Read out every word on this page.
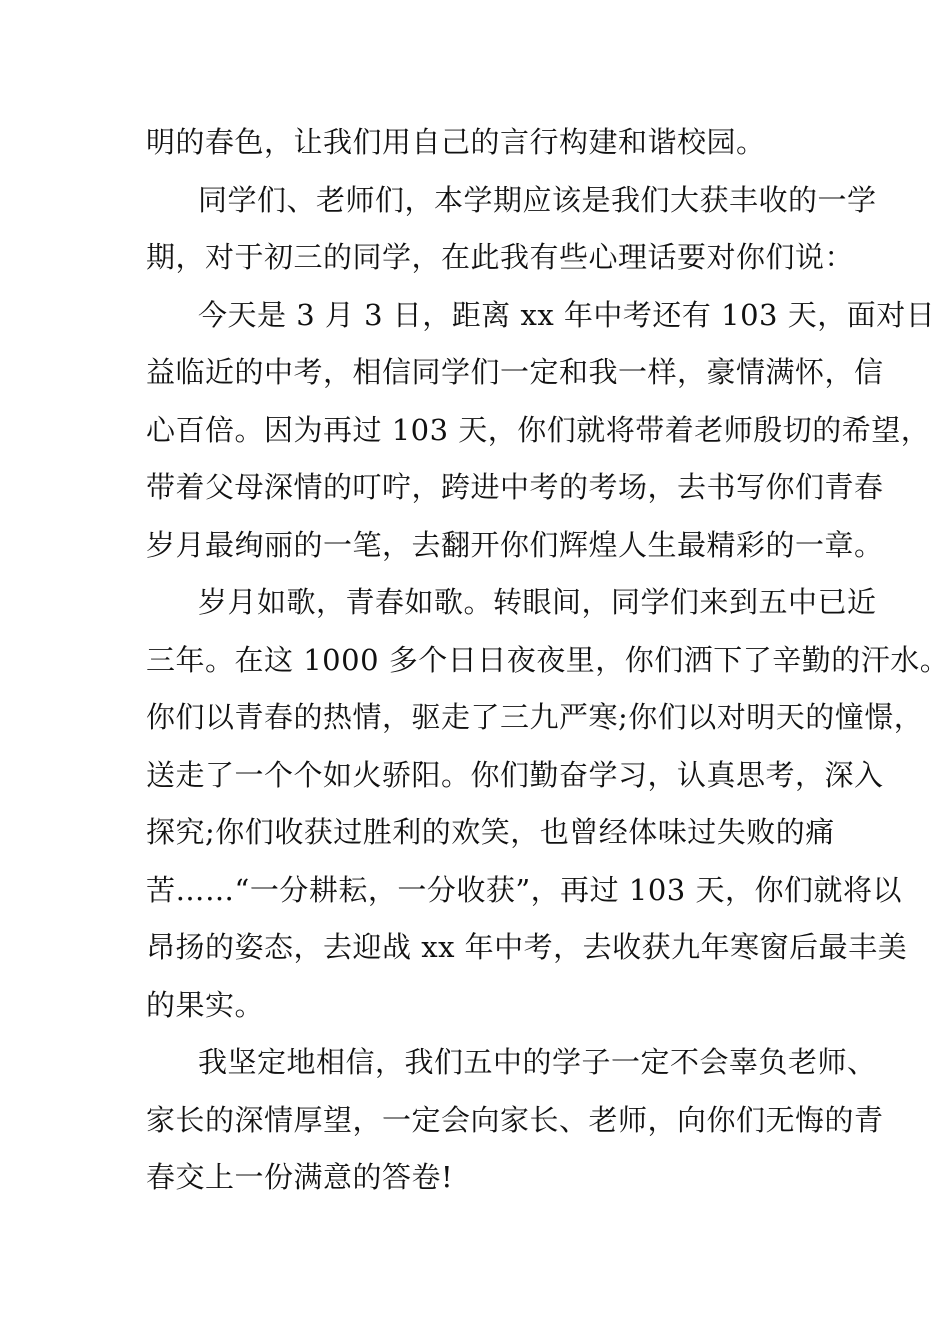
明的春色，让我们用自己的言行构建和谐校园。
同学们、老师们，本学期应该是我们大获丰收的一学
期，对于初三的同学，在此我有些心理话要对你们说：
今天是 3 月 3 日，距离 xx 年中考还有 103 天，面对日
益临近的中考，相信同学们一定和我一样，豪情满怀，信
心百倍。因为再过 103 天，你们就将带着老师殷切的希望，
带着父母深情的叮咛，跨进中考的考场，去书写你们青春
岁月最绚丽的一笔，去翻开你们辉煌人生最精彩的一章。
岁月如歌，青春如歌。转眼间，同学们来到五中已近
三年。在这 1000 多个日日夜夜里，你们洒下了辛勤的汗水。
你们以青春的热情，驱走了三九严寒;你们以对明天的憧憬，
送走了一个个如火骄阳。你们勤奋学习，认真思考，深入
探究;你们收获过胜利的欢笑，也曾经体味过失败的痛
苦……“一分耕耘，一分收获”，再过 103 天，你们就将以
昂扬的姿态，去迎战 xx 年中考，去收获九年寒窗后最丰美
的果实。
我坚定地相信，我们五中的学子一定不会辜负老师、
家长的深情厚望，一定会向家长、老师，向你们无悔的青
春交上一份满意的答卷!
